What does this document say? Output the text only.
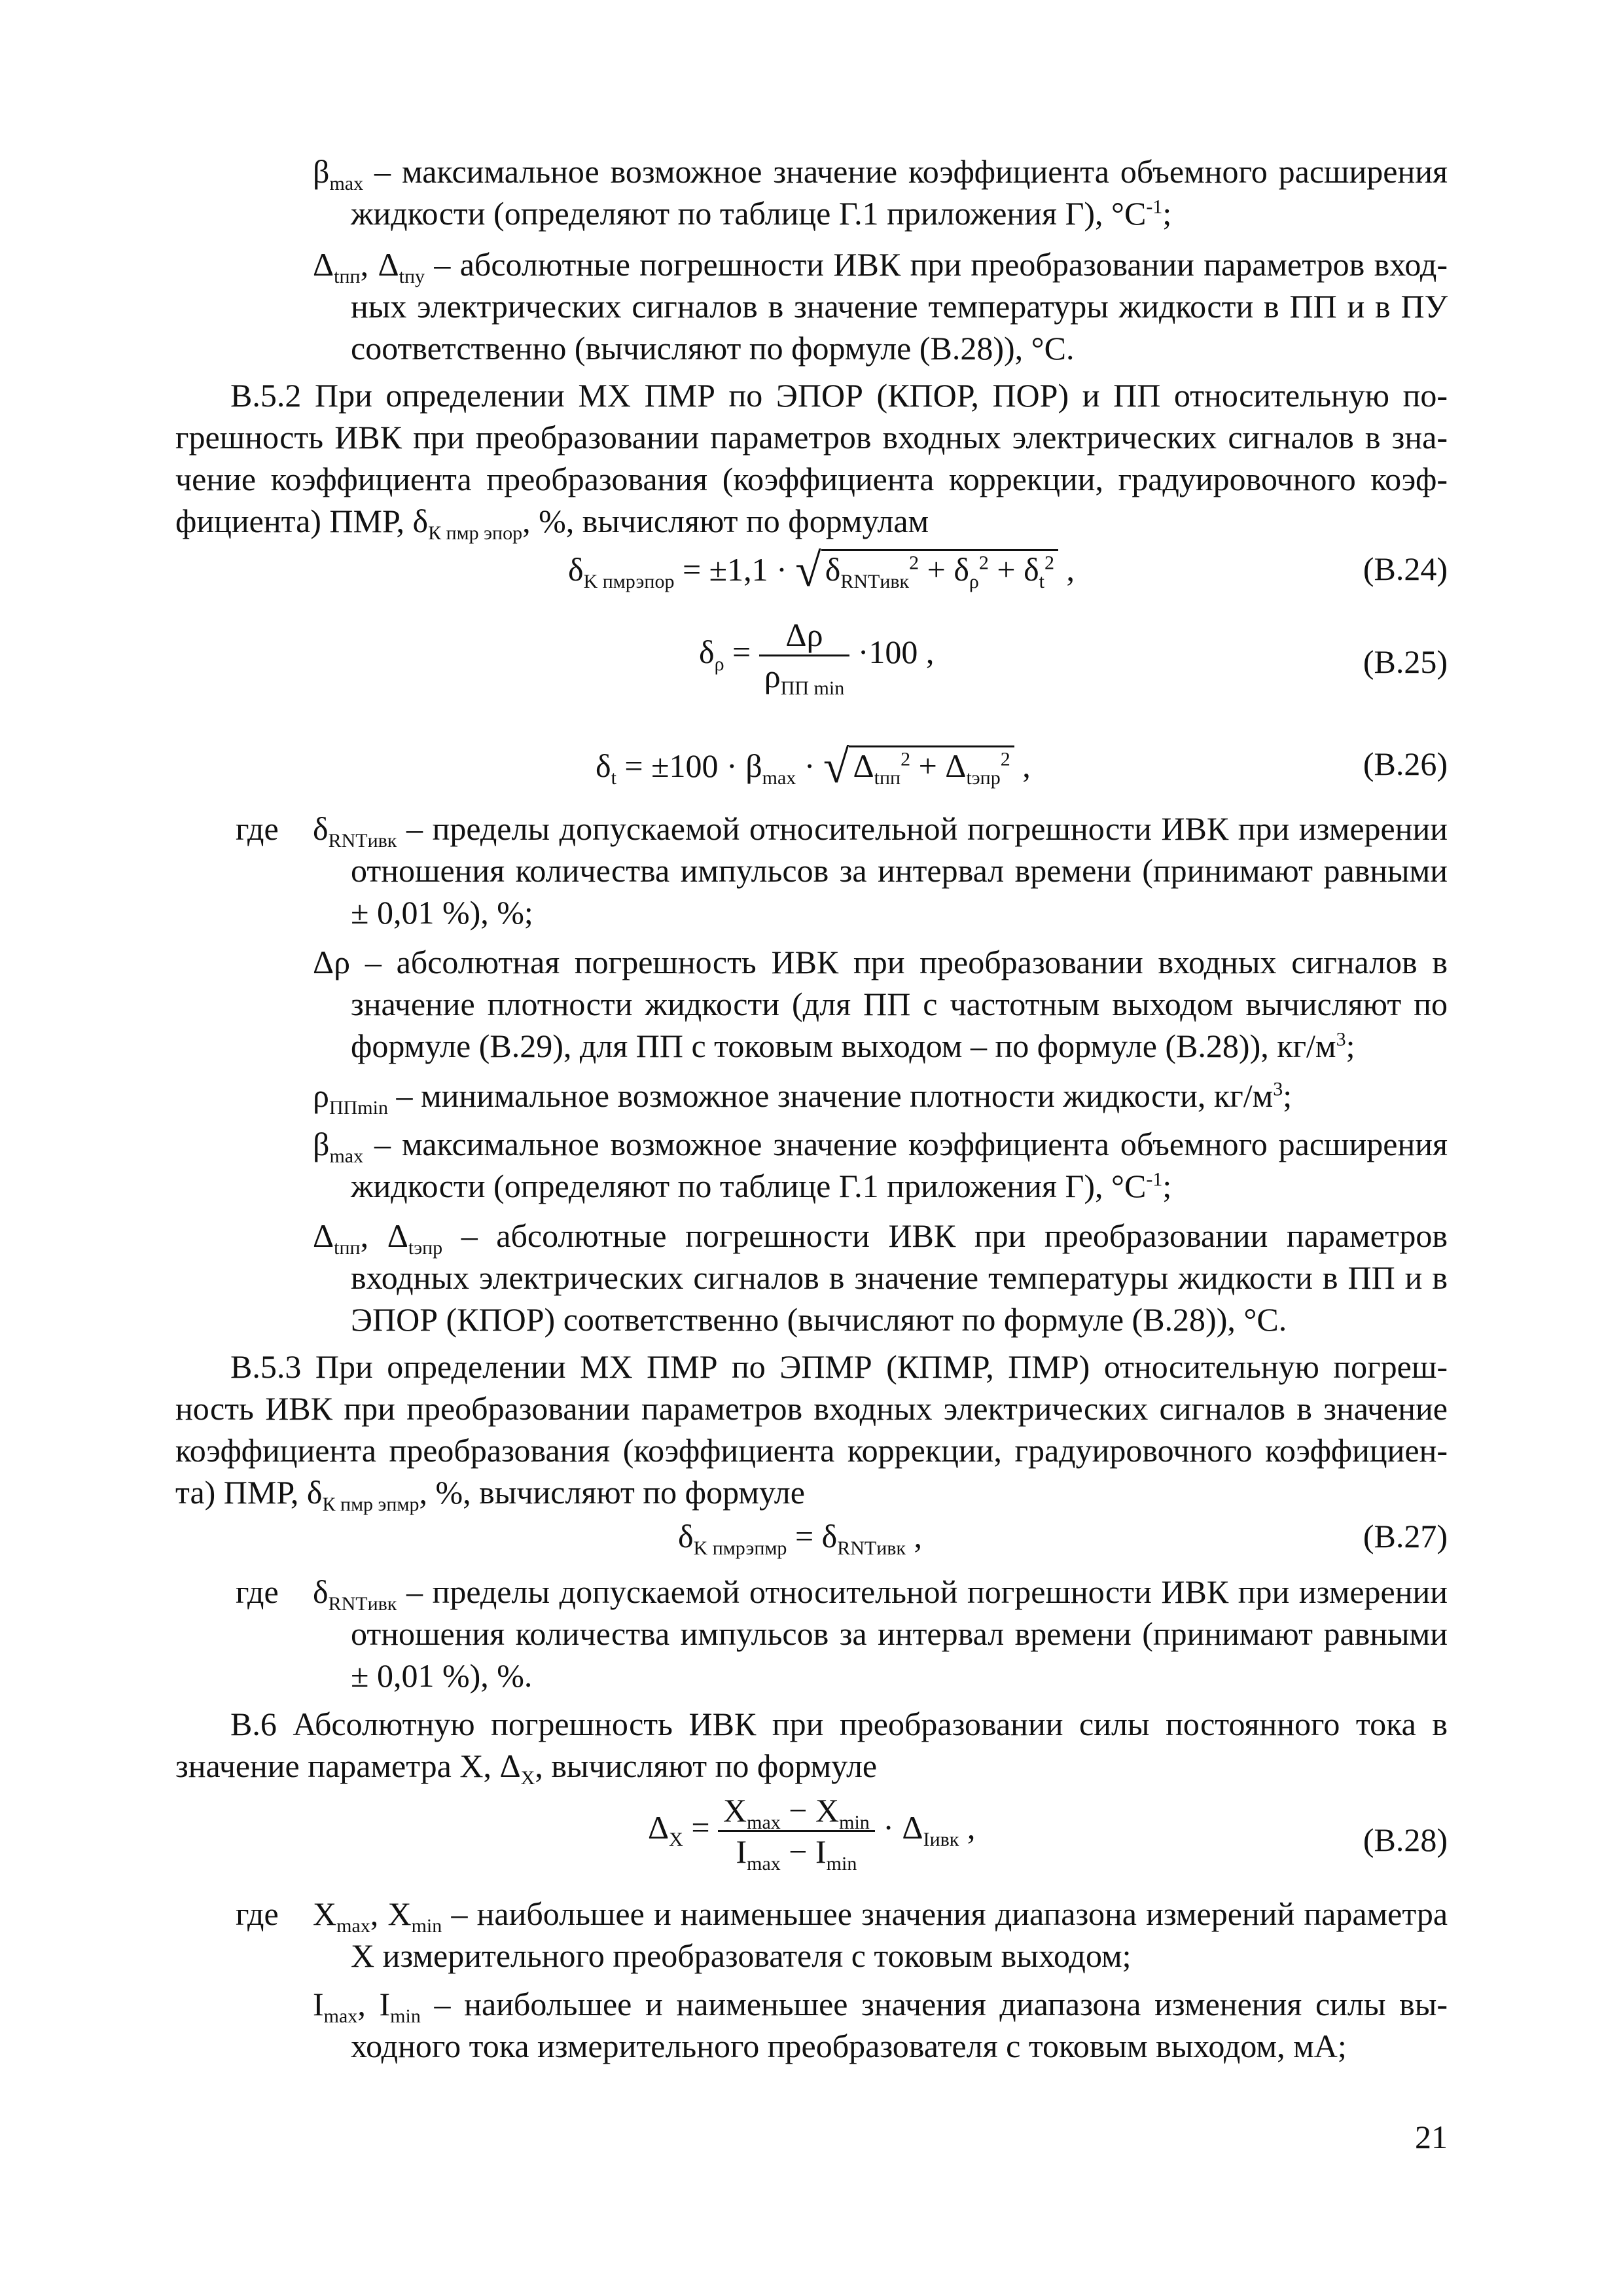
$\beta_{max}$ – максимальное возможное значение коэффициента объемного расширения
жидкости (определяют по таблице Г.1 приложения Г), $^\circ С^{-1}$;
$\Delta_{tпп}$, $\Delta_{tпу}$ – абсолютные погрешности ИВК при преобразовании параметров вход-
ных электрических сигналов в значение температуры жидкости в ПП и в ПУ
соответственно (вычисляют по формуле (В.28)), °С.
В.5.2 При определении МХ ПМР по ЭПОР (КПОР, ПОР) и ПП относительную по-
грешность ИВК при преобразовании параметров входных электрических сигналов в зна-
чение коэффициента преобразования (коэффициента коррекции, градуировочного коэф-
фициента) ПМР, $\delta_{К пмр эпор}$, %, вычисляют по формулам
$\delta_{K пмрэпор} = \pm 1,1$ · √ $\delta_{RNTивк}^2 + \delta_\rho^2 + \delta_t^2$ ,	(В.24)
$\delta_\rho = \frac{\Delta\rho}{\rho_{ПП min}} \cdot 100$ ,	(В.25)
$\delta_t = \pm 100 \cdot \beta_{max}$ · √ $\Delta_{tпп}^2 + \Delta_{tэпр}^2$ ,	(В.26)
где	$\delta_{RNTивк}$ – пределы допускаемой относительной погрешности ИВК при измерении
отношения количества импульсов за интервал времени (принимают равными
± 0,01 %), %;
Δρ – абсолютная погрешность ИВК при преобразовании входных сигналов в
значение плотности жидкости (для ПП с частотным выходом вычисляют по
формуле (В.29), для ПП с токовым выходом – по формуле (В.28)), $кг/м^3$;
$\rho_{ППmin}$ – минимальное возможное значение плотности жидкости, $кг/м^3$;
$\beta_{max}$ – максимальное возможное значение коэффициента объемного расширения
жидкости (определяют по таблице Г.1 приложения Г), $^\circ С^{-1}$;
$\Delta_{tпп}$, $\Delta_{tэпр}$ – абсолютные погрешности ИВК при преобразовании параметров
входных электрических сигналов в значение температуры жидкости в ПП и в
ЭПОР (КПОР) соответственно (вычисляют по формуле (В.28)), °С.
В.5.3 При определении МХ ПМР по ЭПМР (КПМР, ПМР) относительную погреш-
ность ИВК при преобразовании параметров входных электрических сигналов в значение
коэффициента преобразования (коэффициента коррекции, градуировочного коэффициен-
та) ПМР, $\delta_{К пмр эпмр}$, %, вычисляют по формуле
$\delta_{K пмрэпмр} = \delta_{RNTивк}$ ,	(В.27)
где	$\delta_{RNTивк}$ – пределы допускаемой относительной погрешности ИВК при измерении
отношения количества импульсов за интервал времени (принимают равными
± 0,01 %), %.
В.6 Абсолютную погрешность ИВК при преобразовании силы постоянного тока в
значение параметра X, $\Delta_X$, вычисляют по формуле
$\Delta_X = \frac{X_{max} - X_{min}}{I_{max} - I_{min}} \cdot \Delta_{Iивк}$ ,	(В.28)
где	$X_{max}$, $X_{min}$ – наибольшее и наименьшее значения диапазона измерений параметра
X измерительного преобразователя с токовым выходом;
$I_{max}$, $I_{min}$ – наибольшее и наименьшее значения диапазона изменения силы вы-
ходного тока измерительного преобразователя с токовым выходом, мА;
21
